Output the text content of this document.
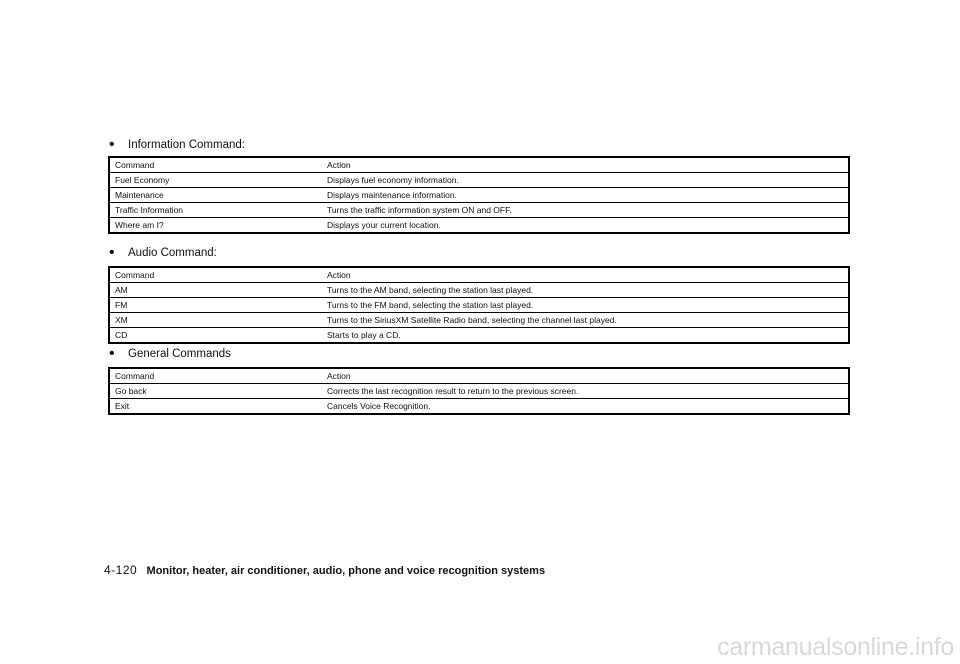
• Information Command:
Command	Action
Fuel Economy	Displays fuel economy information.
Maintenance	Displays maintenance information.
Traffic Information	Turns the traffic information system ON and OFF.
Where am I?	Displays your current location.
• Audio Command:
Command	Action
AM	Turns to the AM band, selecting the station last played.
FM	Turns to the FM band, selecting the station last played.
XM	Turns to the SiriusXM Satellite Radio band, selecting the channel last played.
CD	Starts to play a CD.
• General Commands
Command	Action
Go back	Corrects the last recognition result to return to the previous screen.
Exit	Cancels Voice Recognition.
4-120 Monitor, heater, air conditioner, audio, phone and voice recognition systems
carmanualsonline.info
